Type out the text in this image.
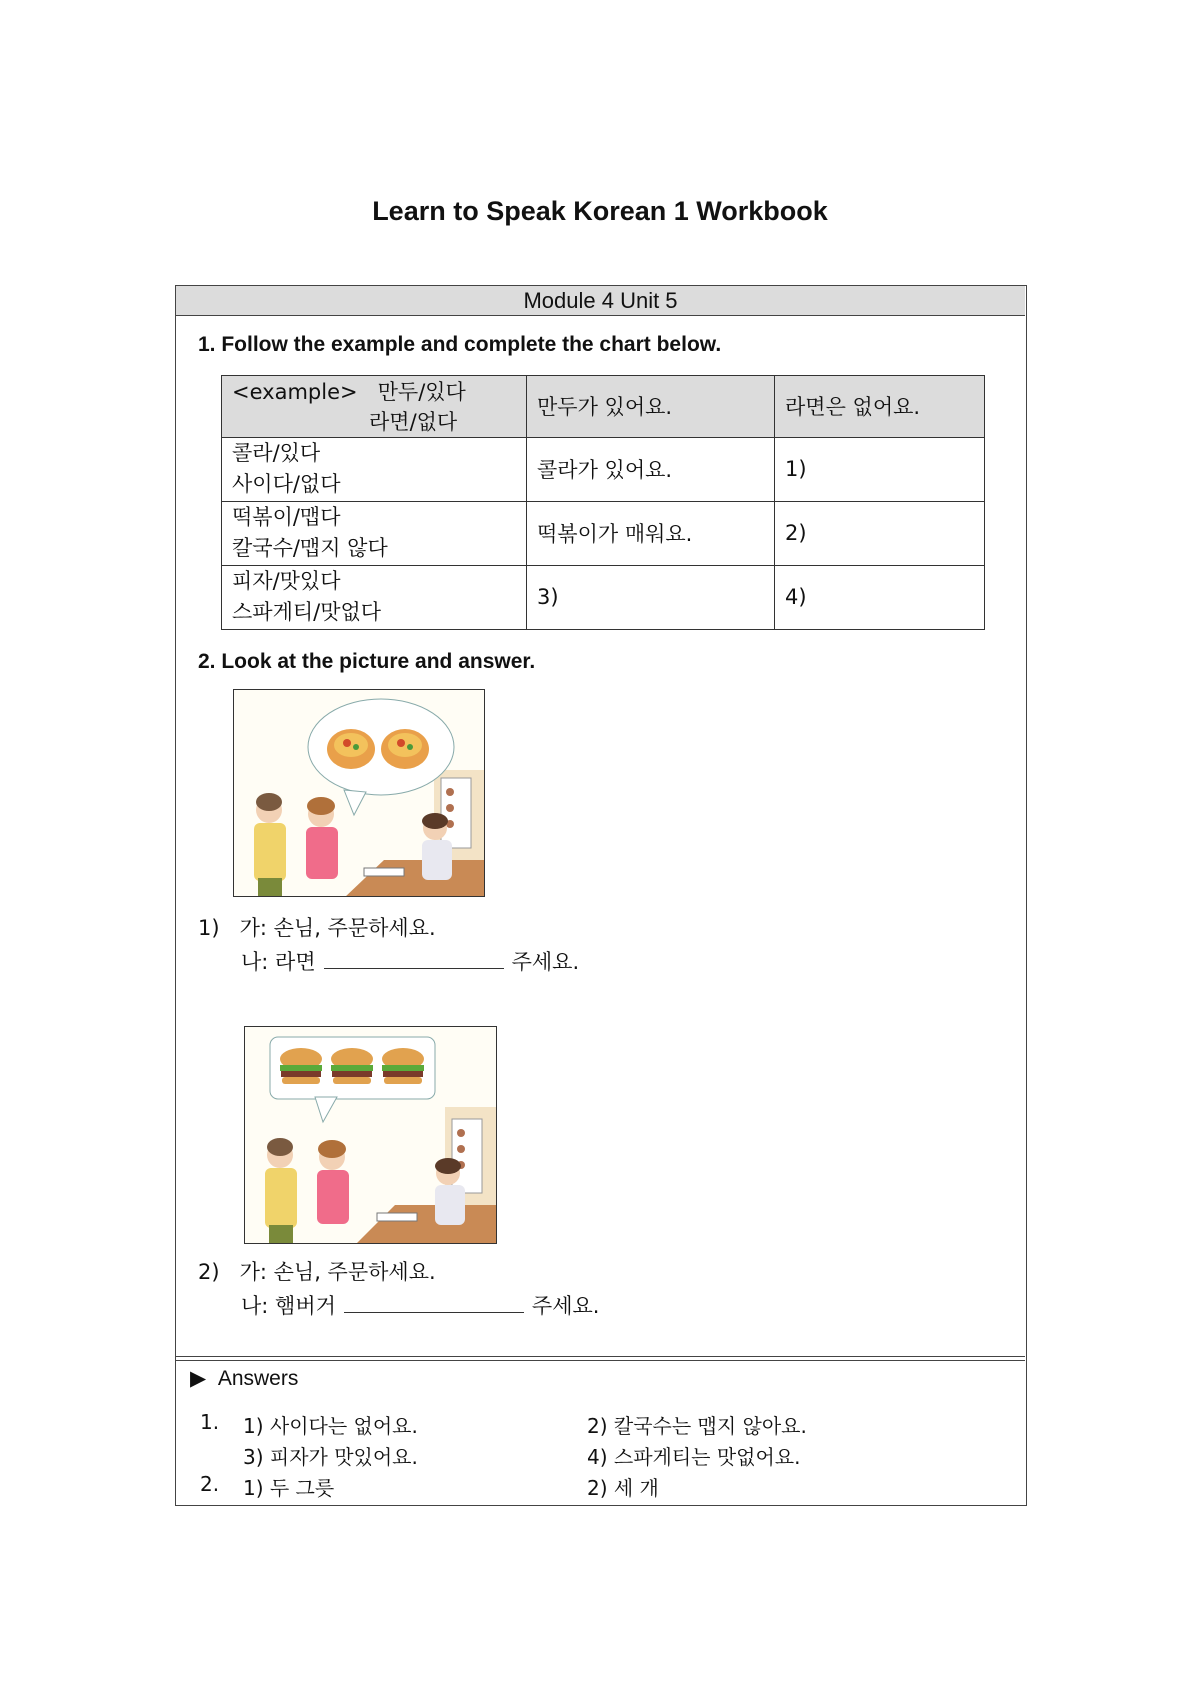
Learn to Speak Korean 1 Workbook
Module 4 Unit 5
1. Follow the example and complete the chart below.
<example> 만두/있다
라면/없다	만두가 있어요.	라면은 없어요.

콜라/있다
사이다/없다	콜라가 있어요.	1)

떡볶이/맵다
칼국수/맵지 않다	떡볶이가 매워요.	2)

피자/맛있다
스파게티/맛없다	3)	4)
2. Look at the picture and answer.
1) 가: 손님, 주문하세요.
나: 라면	주세요.
2) 가: 손님, 주문하세요.
나: 햄버거	주세요.
▶ Answers
1. 1) 사이다는 없어요.	2) 칼국수는 맵지 않아요.
3) 피자가 맛있어요.	4) 스파게티는 맛없어요.
2. 1) 두 그릇	2) 세 개
